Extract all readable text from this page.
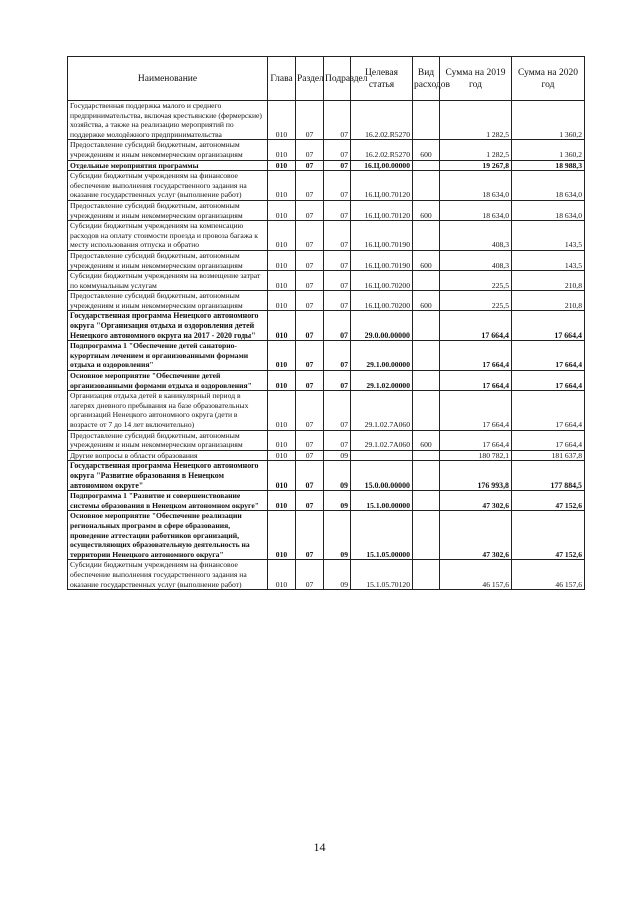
Наименование	Глава	Раздел	Подраздел	Целевая статья	Вид расходов	Сумма на 2019 год	Сумма на 2020 год
Государственная поддержка малого и среднего предпринимательства, включая крестьянские (фермерские) хозяйства, а также на реализацию мероприятий по поддержке молодёжного предпринимательства	010	07	07	16.2.02.R5270		1 282,5	1 360,2
Предоставление субсидий бюджетным, автономным учреждениям и иным некоммерческим организациям	010	07	07	16.2.02.R5270	600	1 282,5	1 360,2
Отдельные мероприятия программы	010	07	07	16.Ц.00.00000		19 267,8	18 988,3
Субсидии бюджетным учреждениям на финансовое обеспечение выполнения государственного задания на оказание государственных услуг (выполнение работ)	010	07	07	16.Ц.00.70120		18 634,0	18 634,0
Предоставление субсидий бюджетным, автономным учреждениям и иным некоммерческим организациям	010	07	07	16.Ц.00.70120	600	18 634,0	18 634,0
Субсидии бюджетным учреждениям на компенсацию расходов на оплату стоимости проезда и провоза багажа к месту использования отпуска и обратно	010	07	07	16.Ц.00.70190		408,3	143,5
Предоставление субсидий бюджетным, автономным учреждениям и иным некоммерческим организациям	010	07	07	16.Ц.00.70190	600	408,3	143,5
Субсидии бюджетным учреждениям на возмещение затрат по коммунальным услугам	010	07	07	16.Ц.00.70200		225,5	210,8
Предоставление субсидий бюджетным, автономным учреждениям и иным некоммерческим организациям	010	07	07	16.Ц.00.70200	600	225,5	210,8
Государственная программа Ненецкого автономного округа "Организация отдыха и оздоровления детей Ненецкого автономного округа на 2017 - 2020 годы"	010	07	07	29.0.00.00000		17 664,4	17 664,4
Подпрограмма 1 "Обеспечение детей санаторно-курортным лечением и организованными формами отдыха и оздоровления"	010	07	07	29.1.00.00000		17 664,4	17 664,4
Основное мероприятие "Обеспечение детей организованными формами отдыха и оздоровления"	010	07	07	29.1.02.00000		17 664,4	17 664,4
Организация отдыха детей в каникулярный период в лагерях дневного пребывания на базе образовательных организаций Ненецкого автономного округа (дети в возрасте от 7 до 14 лет включительно)	010	07	07	29.1.02.7А060		17 664,4	17 664,4
Предоставление субсидий бюджетным, автономным учреждениям и иным некоммерческим организациям	010	07	07	29.1.02.7А060	600	17 664,4	17 664,4
Другие вопросы в области образования	010	07	09			180 782,1	181 637,8
Государственная программа Ненецкого автономного округа "Развитие образования в Ненецком автономном округе"	010	07	09	15.0.00.00000		176 993,8	177 884,5
Подпрограмма 1 "Развитие и совершенствование системы образования в Ненецком автономном округе"	010	07	09	15.1.00.00000		47 302,6	47 152,6
Основное мероприятие "Обеспечение реализации региональных программ в сфере образования, проведение аттестации работников организаций, осуществляющих образовательную деятельность на территории Ненецкого автономного округа"	010	07	09	15.1.05.00000		47 302,6	47 152,6
Субсидии бюджетным учреждениям на финансовое обеспечение выполнения государственного задания на оказание государственных услуг (выполнение работ)	010	07	09	15.1.05.70120		46 157,6	46 157,6
14
